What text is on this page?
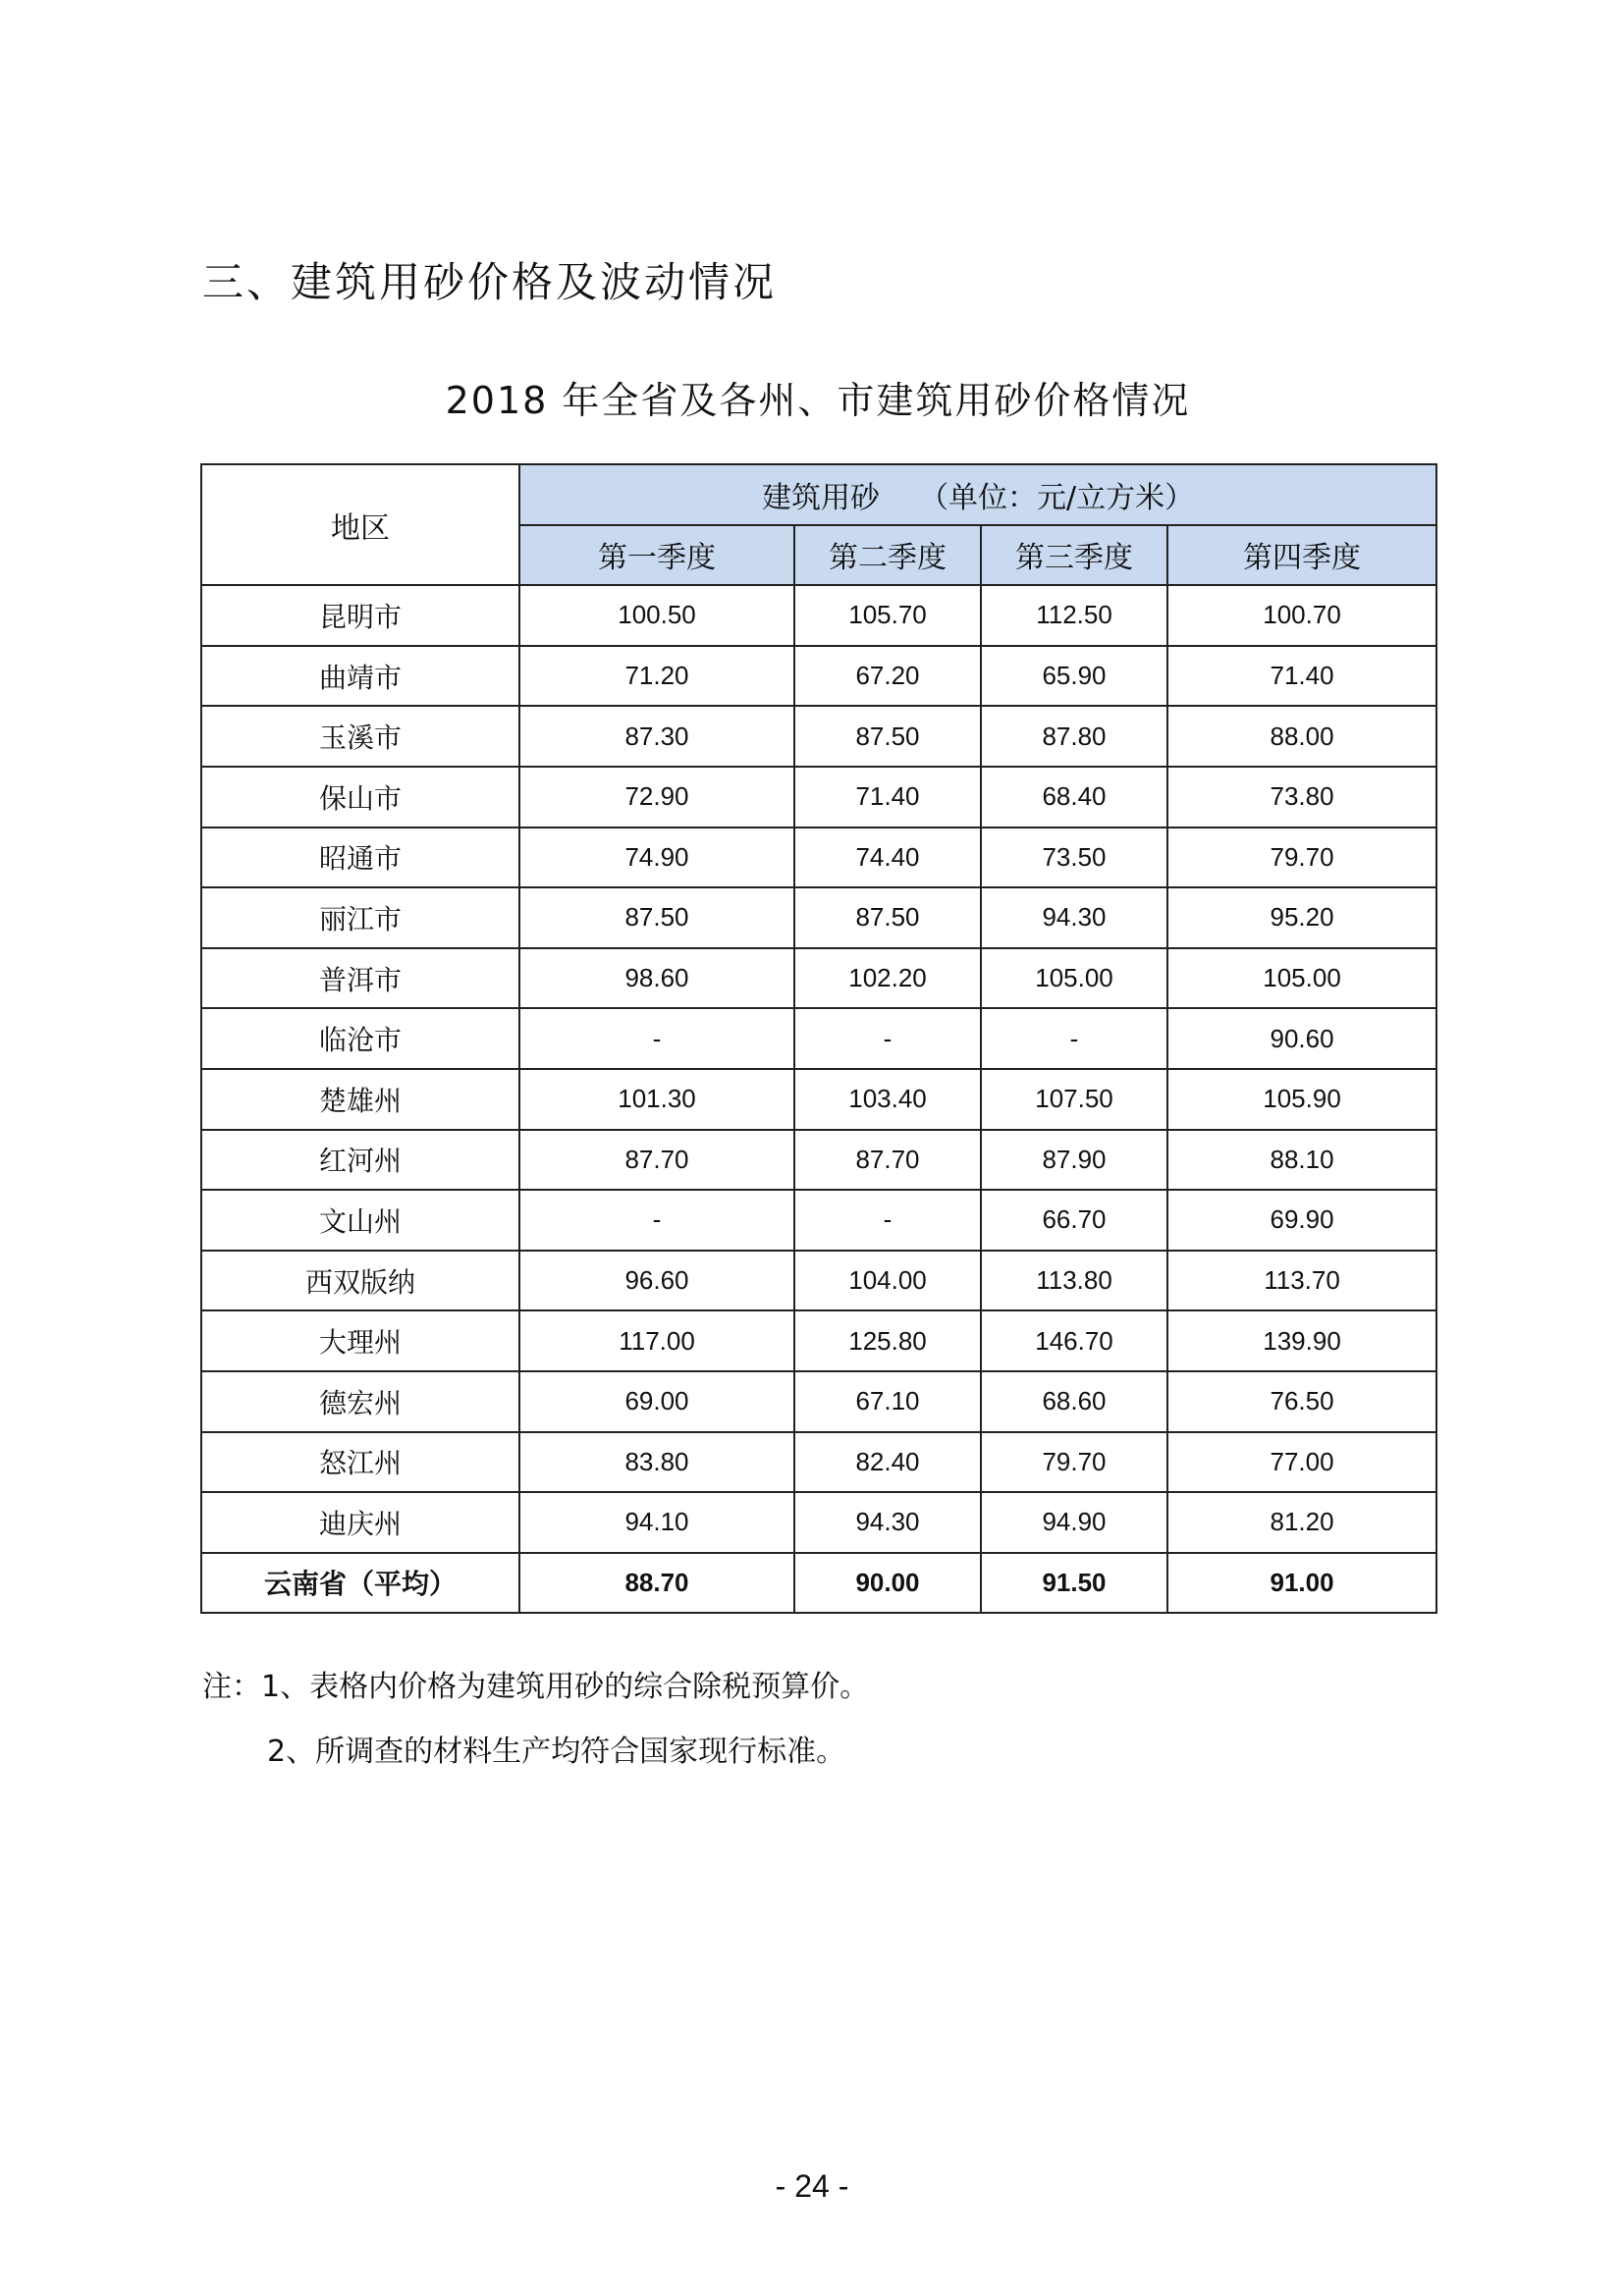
三、建筑用砂价格及波动情况
2018 年全省及各州、市建筑用砂价格情况
地区	建筑用砂 （单位：元/立方米）			
	第一季度	第二季度	第三季度	第四季度
昆明市	100.50	105.70	112.50	100.70
曲靖市	71.20	67.20	65.90	71.40
玉溪市	87.30	87.50	87.80	88.00
保山市	72.90	71.40	68.40	73.80
昭通市	74.90	74.40	73.50	79.70
丽江市	87.50	87.50	94.30	95.20
普洱市	98.60	102.20	105.00	105.00
临沧市	-	-	-	90.60
楚雄州	101.30	103.40	107.50	105.90
红河州	87.70	87.70	87.90	88.10
文山州	-	-	66.70	69.90
西双版纳	96.60	104.00	113.80	113.70
大理州	117.00	125.80	146.70	139.90
德宏州	69.00	67.10	68.60	76.50
怒江州	83.80	82.40	79.70	77.00
迪庆州	94.10	94.30	94.90	81.20
云南省（平均）	88.70	90.00	91.50	91.00
注：1、表格内价格为建筑用砂的综合除税预算价。
2、所调查的材料生产均符合国家现行标准。
- 24 -
